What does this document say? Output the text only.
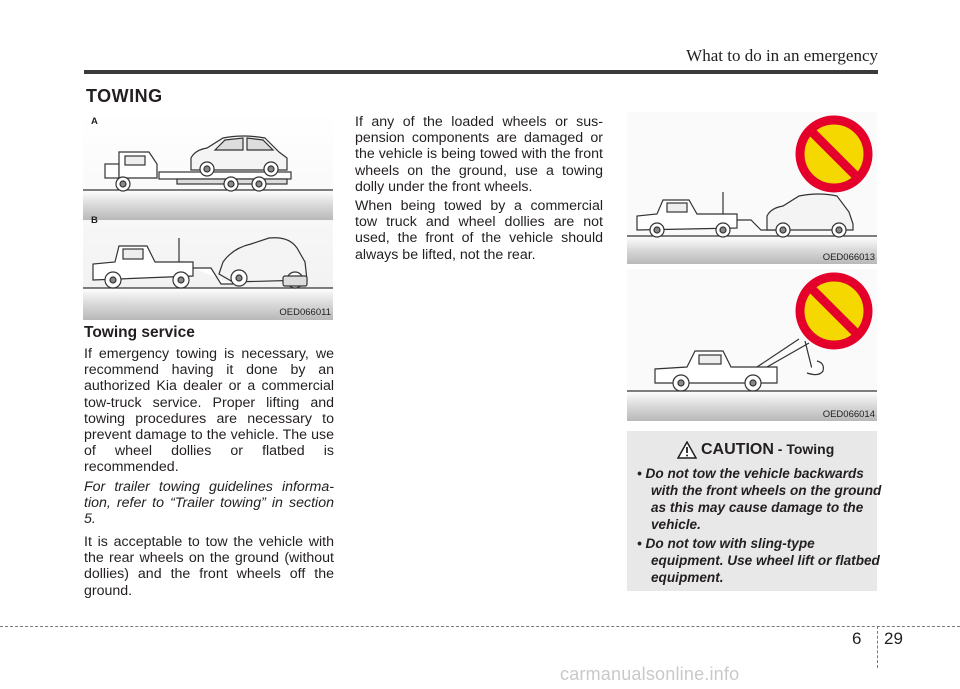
What to do in an emergency
TOWING
A
B
OED066011
Towing service
If emergency towing is necessary, we recommend having it done by an authorized Kia dealer or a commercial tow-truck service. Proper lifting and towing procedures are necessary to prevent damage to the vehicle. The use of wheel dollies or flatbed is recommended.
For trailer towing guidelines information, refer to “Trailer towing” in section 5.
It is acceptable to tow the vehicle with the rear wheels on the ground (without dollies) and the front wheels off the ground.
If any of the loaded wheels or suspension components are damaged or the vehicle is being towed with the front wheels on the ground, use a towing dolly under the front wheels.
When being towed by a commercial tow truck and wheel dollies are not used, the front of the vehicle should always be lifted, not the rear.	OED066013
OED066014
CAUTION - Towing
• Do not tow the vehicle backwards with the front wheels on the ground as this may cause damage to the vehicle.
• Do not tow with sling-type equipment. Use wheel lift or flatbed equipment.
6 29
carmanualsonline.info
